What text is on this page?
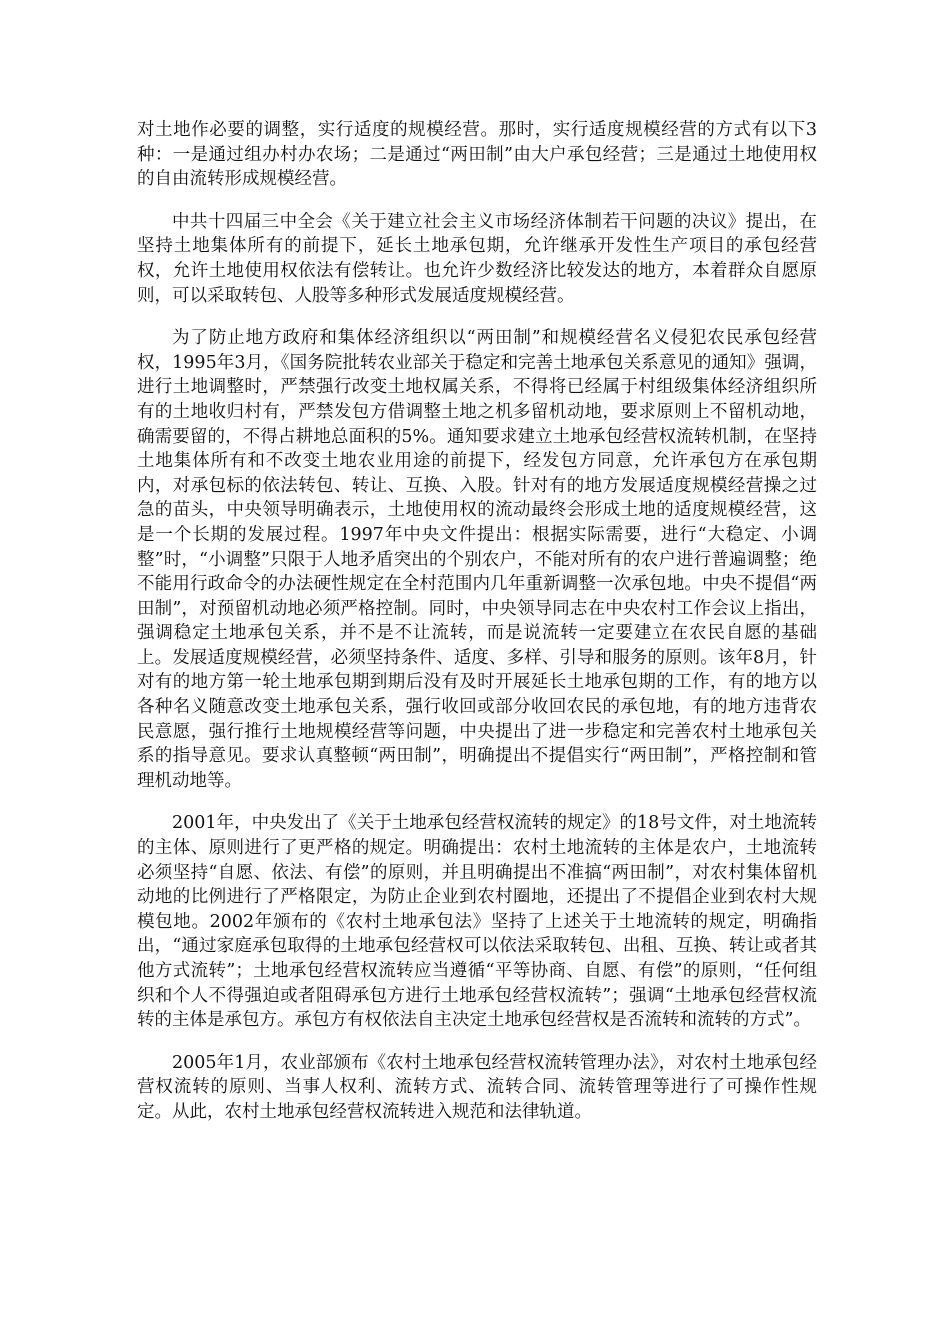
对土地作必要的调整，实行适度的规模经营。那时，实行适度规模经营的方式有以下3种：一是通过组办村办农场；二是通过“两田制”由大户承包经营；三是通过土地使用权的自由流转形成规模经营。

中共十四届三中全会《关于建立社会主义市场经济体制若干问题的决议》提出，在坚持土地集体所有的前提下，延长土地承包期，允许继承开发性生产项目的承包经营权，允许土地使用权依法有偿转让。也允许少数经济比较发达的地方，本着群众自愿原则，可以采取转包、人股等多种形式发展适度规模经营。

为了防止地方政府和集体经济组织以“两田制”和规模经营名义侵犯农民承包经营权，1995年3月，《国务院批转农业部关于稳定和完善土地承包关系意见的通知》强调，进行土地调整时，严禁强行改变土地权属关系，不得将已经属于村组级集体经济组织所有的土地收归村有，严禁发包方借调整土地之机多留机动地，要求原则上不留机动地，确需要留的，不得占耕地总面积的5%。通知要求建立土地承包经营权流转机制，在坚持土地集体所有和不改变土地农业用途的前提下，经发包方同意，允许承包方在承包期内，对承包标的依法转包、转让、互换、入股。针对有的地方发展适度规模经营操之过急的苗头，中央领导明确表示，土地使用权的流动最终会形成土地的适度规模经营，这是一个长期的发展过程。1997年中央文件提出：根据实际需要，进行“大稳定、小调整”时，“小调整”只限于人地矛盾突出的个别农户，不能对所有的农户进行普遍调整；绝不能用行政命令的办法硬性规定在全村范围内几年重新调整一次承包地。中央不提倡“两田制”，对预留机动地必须严格控制。同时，中央领导同志在中央农村工作会议上指出，强调稳定土地承包关系，并不是不让流转，而是说流转一定要建立在农民自愿的基础上。发展适度规模经营，必须坚持条件、适度、多样、引导和服务的原则。该年8月，针对有的地方第一轮土地承包期到期后没有及时开展延长土地承包期的工作，有的地方以各种名义随意改变土地承包关系，强行收回或部分收回农民的承包地，有的地方违背农民意愿，强行推行土地规模经营等问题，中央提出了进一步稳定和完善农村土地承包关系的指导意见。要求认真整顿“两田制”，明确提出不提倡实行“两田制”，严格控制和管理机动地等。

2001年，中央发出了《关于土地承包经营权流转的规定》的18号文件，对土地流转的主体、原则进行了更严格的规定。明确提出：农村土地流转的主体是农户，土地流转必须坚持“自愿、依法、有偿”的原则，并且明确提出不准搞“两田制”，对农村集体留机动地的比例进行了严格限定，为防止企业到农村圈地，还提出了不提倡企业到农村大规模包地。2002年颁布的《农村土地承包法》坚持了上述关于土地流转的规定，明确指出，“通过家庭承包取得的土地承包经营权可以依法采取转包、出租、互换、转让或者其他方式流转”；土地承包经营权流转应当遵循“平等协商、自愿、有偿”的原则，“任何组织和个人不得强迫或者阻碍承包方进行土地承包经营权流转”；强调“土地承包经营权流转的主体是承包方。承包方有权依法自主决定土地承包经营权是否流转和流转的方式”。

2005年1月，农业部颁布《农村土地承包经营权流转管理办法》，对农村土地承包经营权流转的原则、当事人权利、流转方式、流转合同、流转管理等进行了可操作性规定。从此，农村土地承包经营权流转进入规范和法律轨道。
